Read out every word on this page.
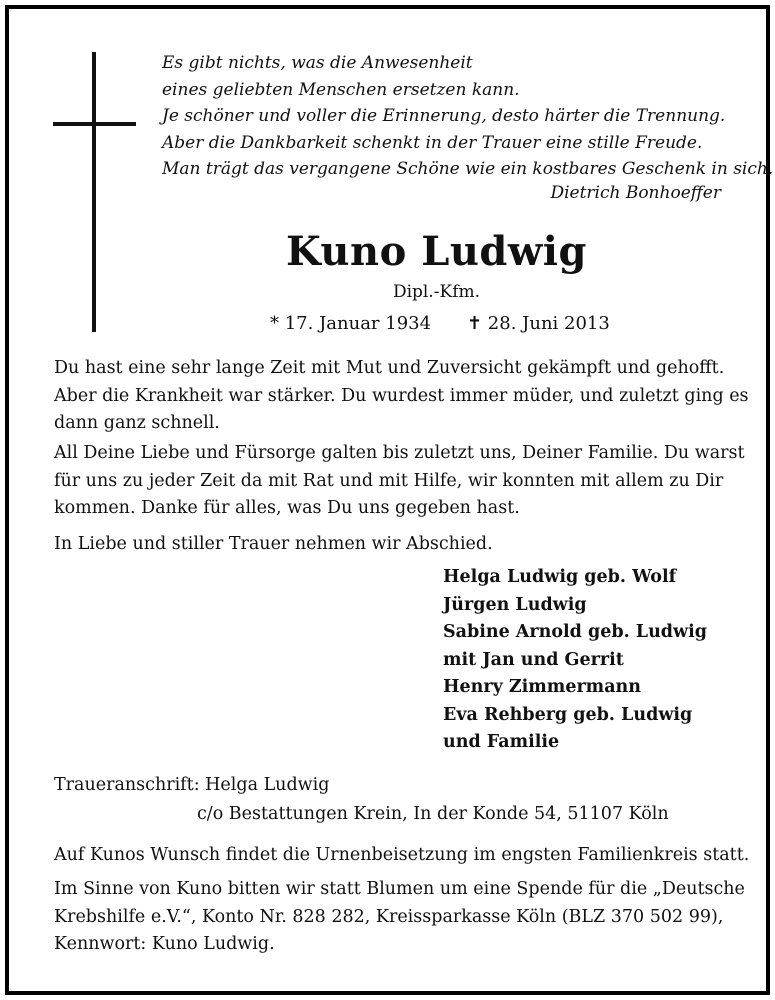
Es gibt nichts, was die Anwesenheit
eines geliebten Menschen ersetzen kann.
Je schöner und voller die Erinnerung, desto härter die Trennung.
Aber die Dankbarkeit schenkt in der Trauer eine stille Freude.
Man trägt das vergangene Schöne wie ein kostbares Geschenk in sich.
Dietrich Bonhoeffer
Kuno Ludwig
Dipl.-Kfm.
* 17. Januar 1934 ✝ 28. Juni 2013
Du hast eine sehr lange Zeit mit Mut und Zuversicht gekämpft und gehofft.
Aber die Krankheit war stärker. Du wurdest immer müder, und zuletzt ging es
dann ganz schnell.
All Deine Liebe und Fürsorge galten bis zuletzt uns, Deiner Familie. Du warst
für uns zu jeder Zeit da mit Rat und mit Hilfe, wir konnten mit allem zu Dir
kommen. Danke für alles, was Du uns gegeben hast.
In Liebe und stiller Trauer nehmen wir Abschied.
Helga Ludwig geb. Wolf
Jürgen Ludwig
Sabine Arnold geb. Ludwig
mit Jan und Gerrit
Henry Zimmermann
Eva Rehberg geb. Ludwig
und Familie
Traueranschrift: Helga Ludwig
c/o Bestattungen Krein, In der Konde 54, 51107 Köln
Auf Kunos Wunsch findet die Urnenbeisetzung im engsten Familienkreis statt.
Im Sinne von Kuno bitten wir statt Blumen um eine Spende für die „Deutsche
Krebshilfe e.V.“, Konto Nr. 828 282, Kreissparkasse Köln (BLZ 370 502 99),
Kennwort: Kuno Ludwig.
